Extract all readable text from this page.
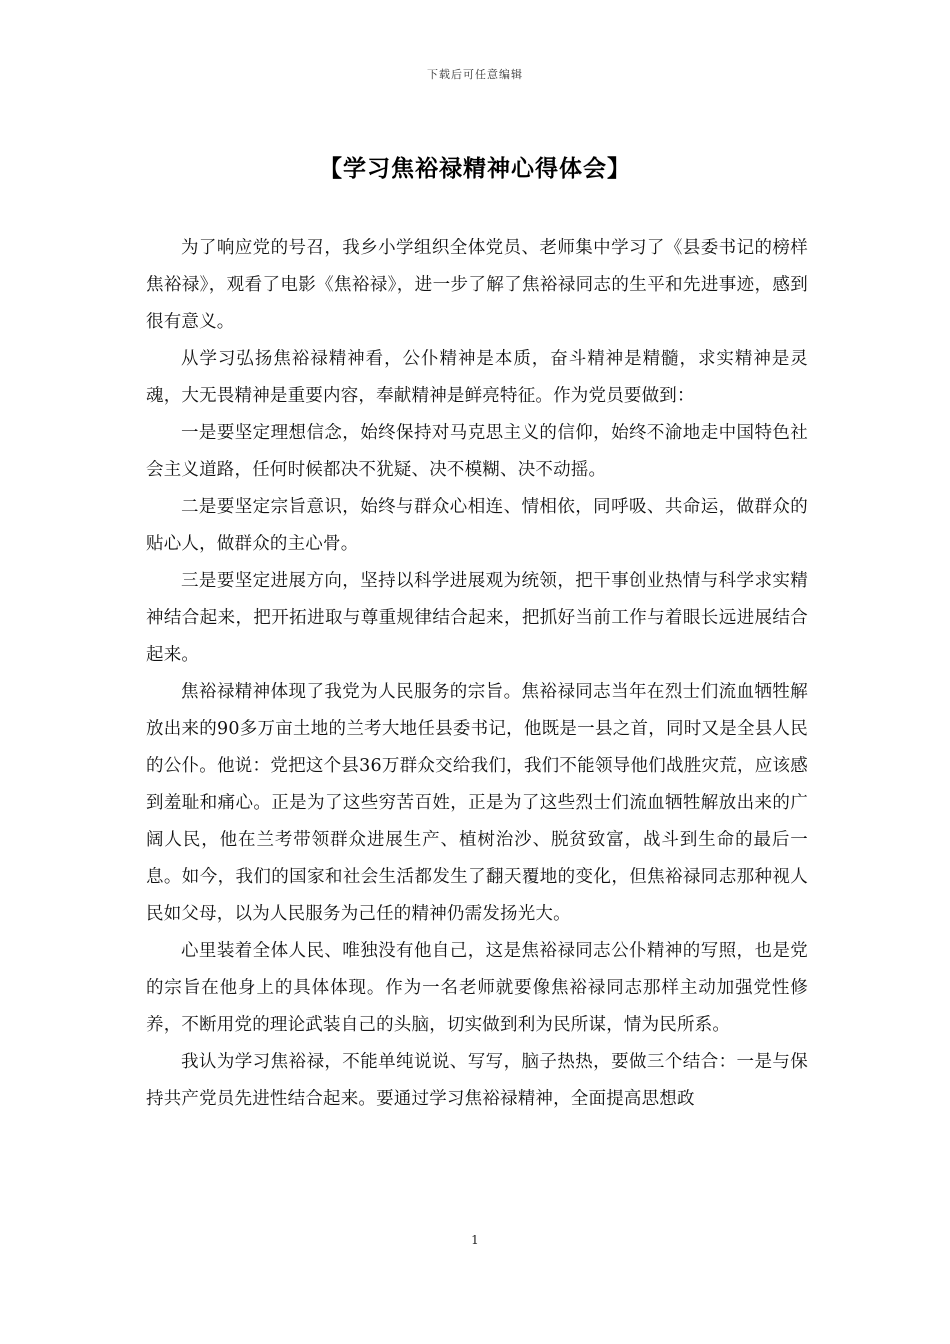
下载后可任意编辑
【学习焦裕禄精神心得体会】

为了响应党的号召，我乡小学组织全体党员、老师集中学习了《县委书记的榜样焦裕禄》，观看了电影《焦裕禄》，进一步了解了焦裕禄同志的生平和先进事迹，感到很有意义。

从学习弘扬焦裕禄精神看，公仆精神是本质，奋斗精神是精髓，求实精神是灵魂，大无畏精神是重要内容，奉献精神是鲜亮特征。作为党员要做到：

一是要坚定理想信念，始终保持对马克思主义的信仰，始终不渝地走中国特色社会主义道路，任何时候都决不犹疑、决不模糊、决不动摇。

二是要坚定宗旨意识，始终与群众心相连、情相依，同呼吸、共命运，做群众的贴心人，做群众的主心骨。

三是要坚定进展方向，坚持以科学进展观为统领，把干事创业热情与科学求实精神结合起来，把开拓进取与尊重规律结合起来，把抓好当前工作与着眼长远进展结合起来。

焦裕禄精神体现了我党为人民服务的宗旨。焦裕禄同志当年在烈士们流血牺牲解放出来的90多万亩土地的兰考大地任县委书记，他既是一县之首，同时又是全县人民的公仆。他说：党把这个县36万群众交给我们，我们不能领导他们战胜灾荒，应该感到羞耻和痛心。正是为了这些穷苦百姓，正是为了这些烈士们流血牺牲解放出来的广阔人民，他在兰考带领群众进展生产、植树治沙、脱贫致富，战斗到生命的最后一息。如今，我们的国家和社会生活都发生了翻天覆地的变化，但焦裕禄同志那种视人民如父母，以为人民服务为己任的精神仍需发扬光大。

心里装着全体人民、唯独没有他自己，这是焦裕禄同志公仆精神的写照，也是党的宗旨在他身上的具体体现。作为一名老师就要像焦裕禄同志那样主动加强党性修养，不断用党的理论武装自己的头脑，切实做到利为民所谋，情为民所系。

我认为学习焦裕禄，不能单纯说说、写写，脑子热热，要做三个结合：一是与保持共产党员先进性结合起来。要通过学习焦裕禄精神，全面提高思想政

1
